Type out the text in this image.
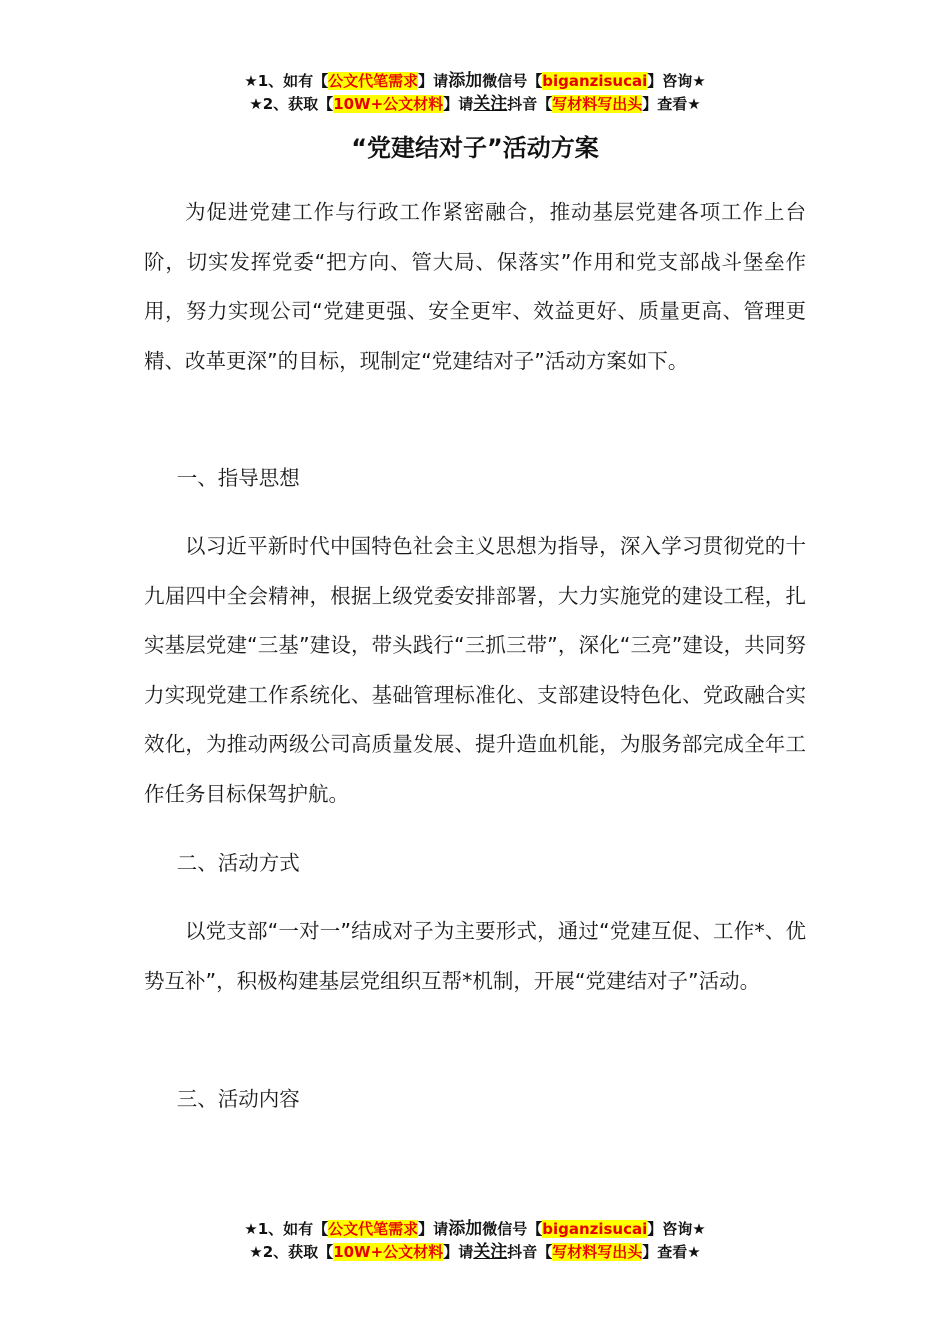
★1、如有【公文代笔需求】请添加微信号【biganzisucai】咨询★
★2、获取【10W+公文材料】请关注抖音【写材料写出头】查看★
“党建结对子”活动方案

为促进党建工作与行政工作紧密融合，推动基层党建各项工作上台阶，切实发挥党委“把方向、管大局、保落实”作用和党支部战斗堡垒作用，努力实现公司“党建更强、安全更牢、效益更好、质量更高、管理更精、改革更深”的目标，现制定“党建结对子”活动方案如下。

一、指导思想

以习近平新时代中国特色社会主义思想为指导，深入学习贯彻党的十九届四中全会精神，根据上级党委安排部署，大力实施党的建设工程，扎实基层党建“三基”建设，带头践行“三抓三带”，深化“三亮”建设，共同努力实现党建工作系统化、基础管理标准化、支部建设特色化、党政融合实效化，为推动两级公司高质量发展、提升造血机能，为服务部完成全年工作任务目标保驾护航。

二、活动方式

以党支部“一对一”结成对子为主要形式，通过“党建互促、工作*、优势互补”，积极构建基层党组织互帮*机制，开展“党建结对子”活动。

三、活动内容

★1、如有【公文代笔需求】请添加微信号【biganzisucai】咨询★
★2、获取【10W+公文材料】请关注抖音【写材料写出头】查看★
